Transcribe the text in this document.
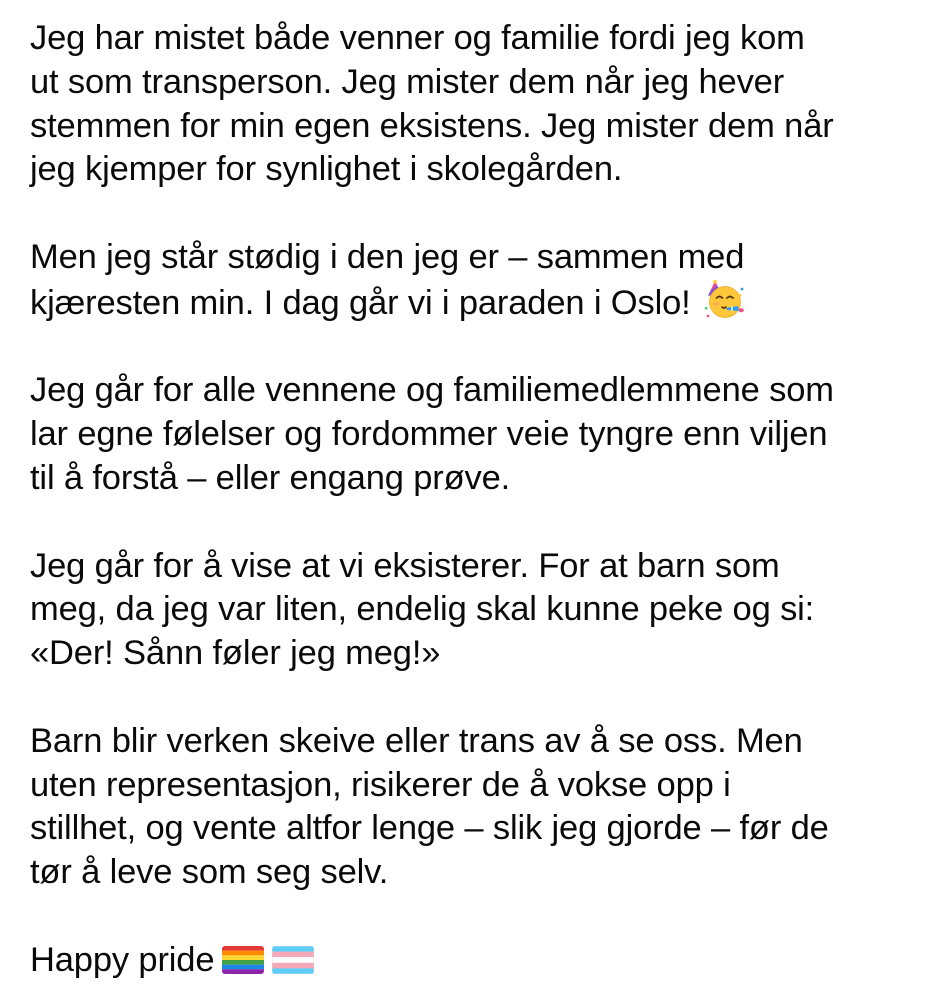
Jeg har mistet både venner og familie fordi jeg kom
ut som transperson. Jeg mister dem når jeg hever
stemmen for min egen eksistens. Jeg mister dem når
jeg kjemper for synlighet i skolegården.

Men jeg står stødig i den jeg er – sammen med
kjæresten min. I dag går vi i paraden i Oslo!

Jeg går for alle vennene og familiemedlemmene som
lar egne følelser og fordommer veie tyngre enn viljen
til å forstå – eller engang prøve.

Jeg går for å vise at vi eksisterer. For at barn som
meg, da jeg var liten, endelig skal kunne peke og si:
«Der! Sånn føler jeg meg!»

Barn blir verken skeive eller trans av å se oss. Men
uten representasjon, risikerer de å vokse opp i
stillhet, og vente altfor lenge – slik jeg gjorde – før de
tør å leve som seg selv.

Happy pride
